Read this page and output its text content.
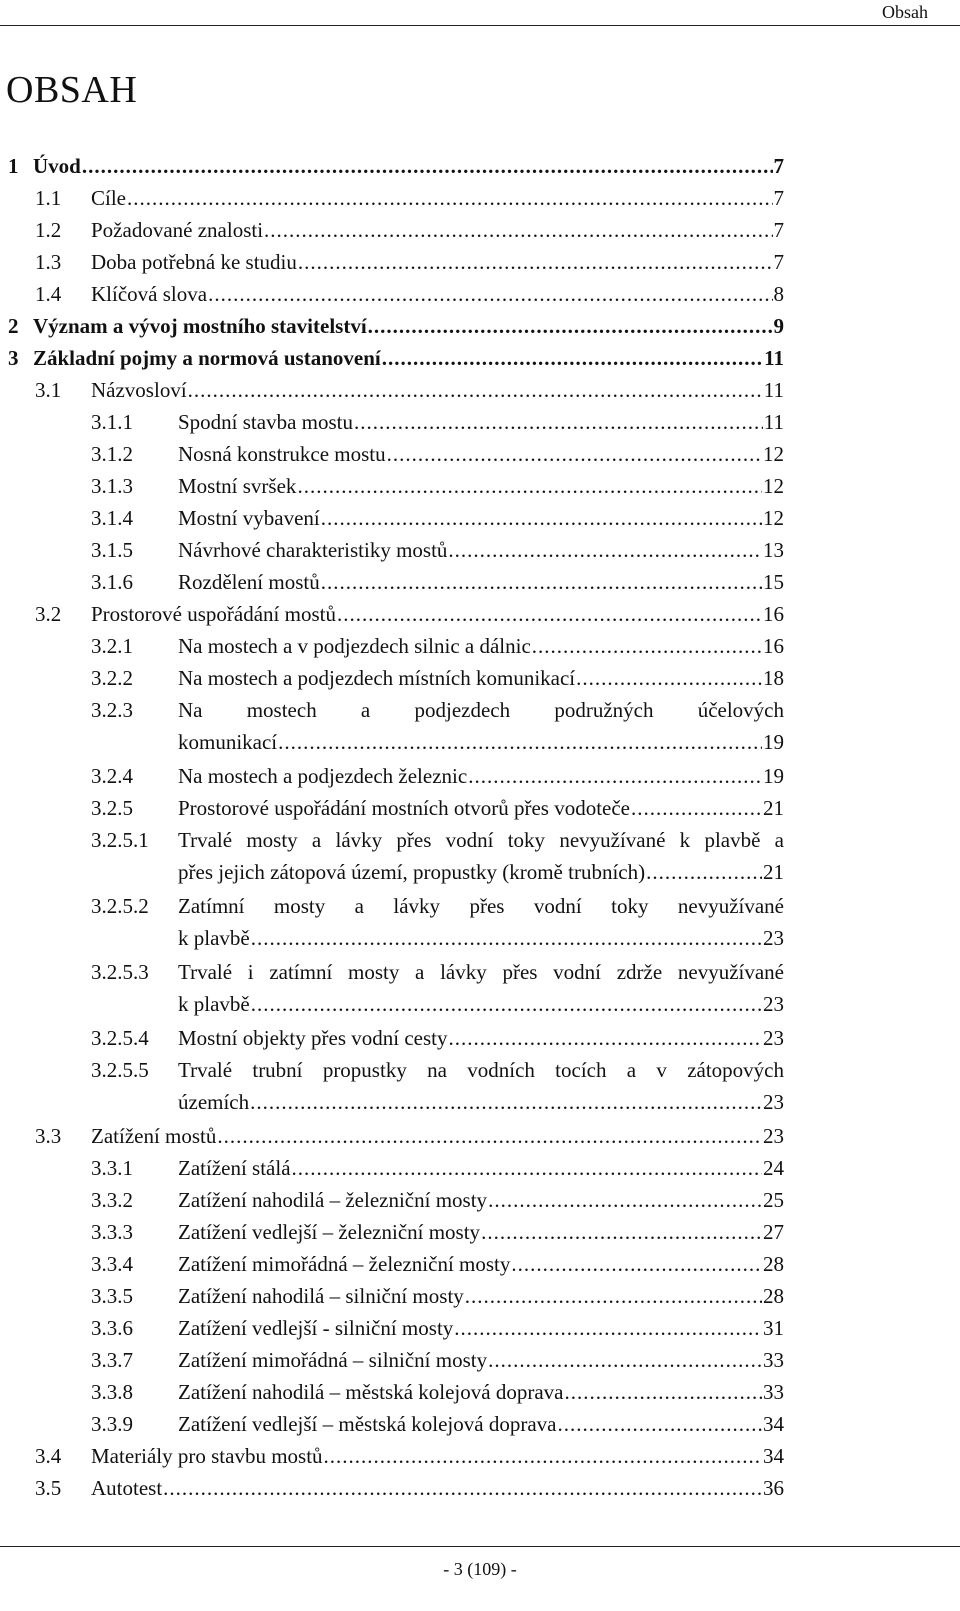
Obsah
OBSAH
1 Úvod .....	7
1.1 Cíle .....	7
1.2 Požadované znalosti .....	7
1.3 Doba potřebná ke studiu .....	7
1.4 Klíčová slova .....	8
2 Význam a vývoj mostního stavitelství .....	9
3 Základní pojmy a normová ustanovení .....	11
3.1 Názvosloví .....	11
3.1.1 Spodní stavba mostu .....	11
3.1.2 Nosná konstrukce mostu .....	12
3.1.3 Mostní svršek .....	12
3.1.4 Mostní vybavení .....	12
3.1.5 Návrhové charakteristiky mostů .....	13
3.1.6 Rozdělení mostů .....	15
3.2 Prostorové uspořádání mostů .....	16
3.2.1 Na mostech a v podjezdech silnic a dálnic .....	16
3.2.2 Na mostech a podjezdech místních komunikací .....	18
3.2.3 Na mostech a podjezdech podružných účelových
komunikací .....	19
3.2.4 Na mostech a podjezdech železnic .....	19
3.2.5 Prostorové uspořádání mostních otvorů přes vodoteče .....	21
3.2.5.1 Trvalé mosty a lávky přes vodní toky nevyužívané k plavbě a
přes jejich zátopová území, propustky (kromě trubních) .....	21
3.2.5.2 Zatímní mosty a lávky přes vodní toky nevyužívané
k plavbě .....	23
3.2.5.3 Trvalé i zatímní mosty a lávky přes vodní zdrže nevyužívané
k plavbě .....	23
3.2.5.4 Mostní objekty přes vodní cesty .....	23
3.2.5.5 Trvalé trubní propustky na vodních tocích a v zátopových
územích .....	23
3.3 Zatížení mostů .....	23
3.3.1 Zatížení stálá .....	24
3.3.2 Zatížení nahodilá – železniční mosty .....	25
3.3.3 Zatížení vedlejší – železniční mosty .....	27
3.3.4 Zatížení mimořádná – železniční mosty .....	28
3.3.5 Zatížení nahodilá – silniční mosty .....	28
3.3.6 Zatížení vedlejší - silniční mosty .....	31
3.3.7 Zatížení mimořádná – silniční mosty .....	33
3.3.8 Zatížení nahodilá – městská kolejová doprava .....	33
3.3.9 Zatížení vedlejší – městská kolejová doprava .....	34
3.4 Materiály pro stavbu mostů .....	34
3.5 Autotest .....	36
- 3 (109) -
